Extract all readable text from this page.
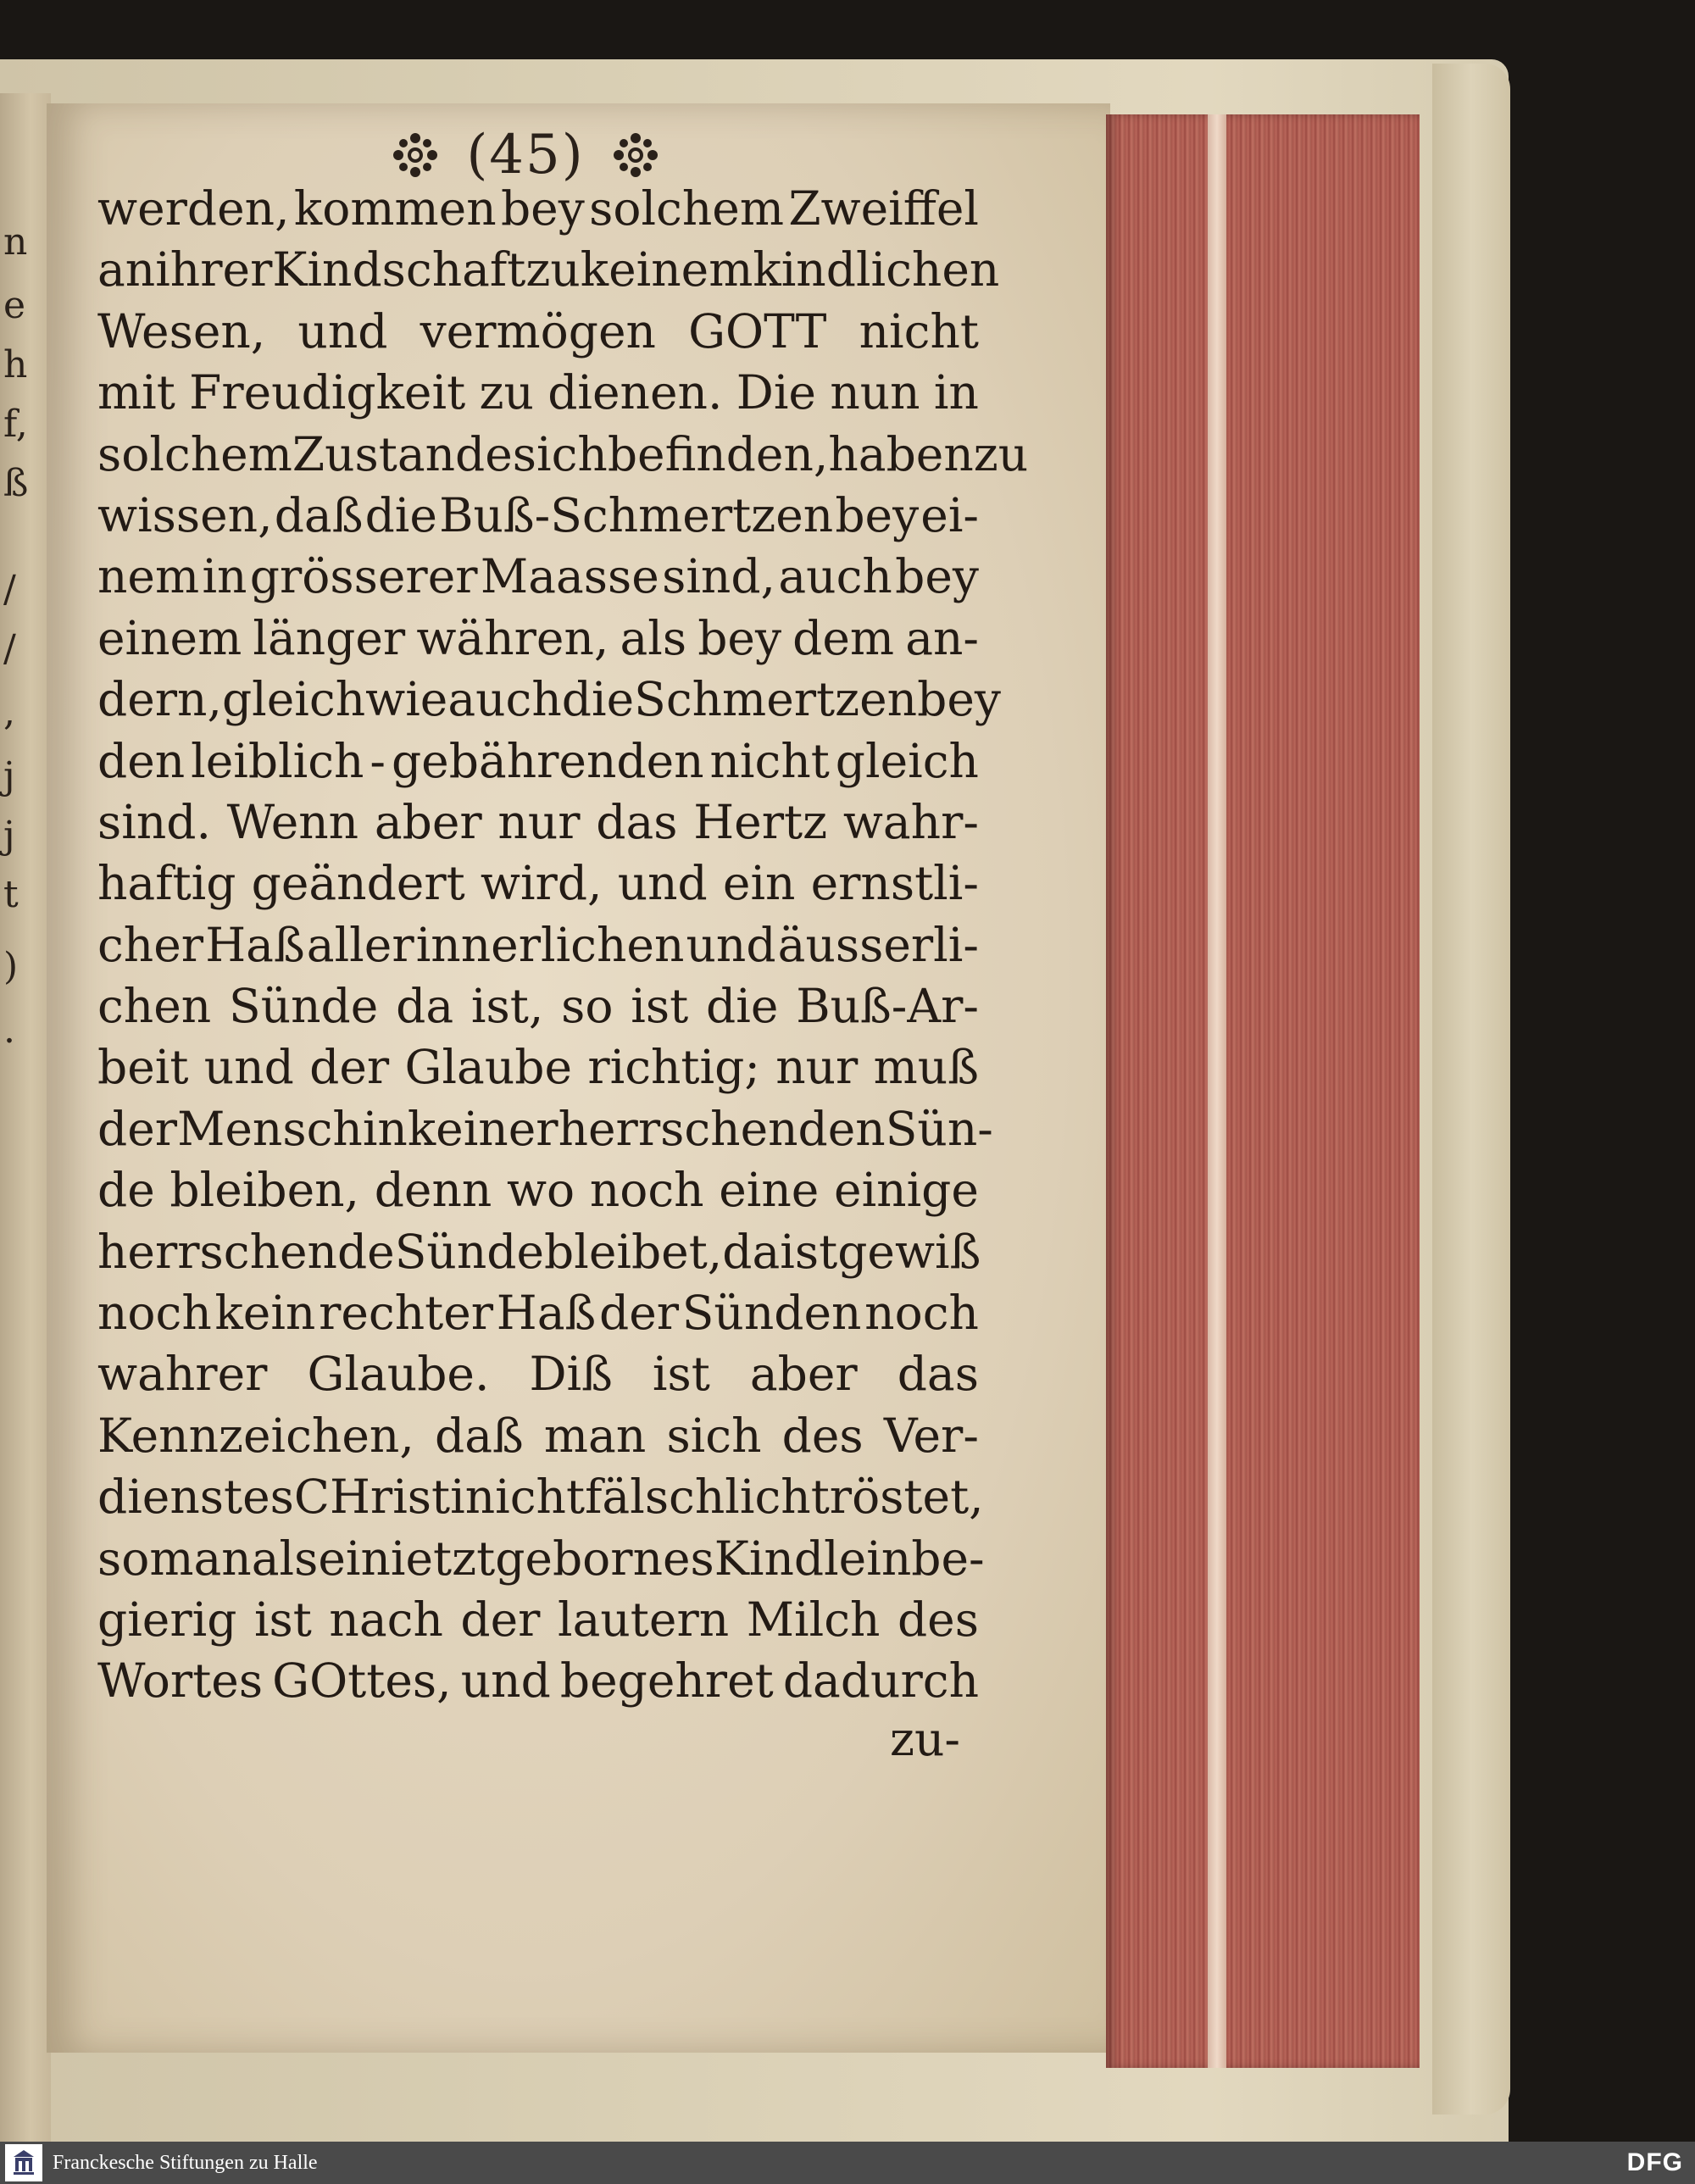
n
e
h
f,
ß
/
/
,
j
j
t
)
.
(45)
werden, kommen bey solchem Zweiffel
an ihrer Kindschaft zu keinem kindlichen
Wesen, und vermögen GOTT nicht
mit Freudigkeit zu dienen. Die nun in
solchem Zustande sich befinden, haben zu
wissen, daß die Buß-Schmertzen bey ei-
nem in grösserer Maasse sind, auch bey
einem länger währen, als bey dem an-
dern, gleichwie auch die Schmertzen bey
den leiblich - gebährenden nicht gleich
sind. Wenn aber nur das Hertz wahr-
haftig geändert wird, und ein ernstli-
cher Haß aller innerlichen und äusserli-
chen Sünde da ist, so ist die Buß-Ar-
beit und der Glaube richtig; nur muß
der Mensch in keiner herrschenden Sün-
de bleiben, denn wo noch eine einige
herrschende Sünde bleibet, da ist gewiß
noch kein rechter Haß der Sünden noch
wahrer Glaube. Diß ist aber das
Kennzeichen, daß man sich des Ver-
dienstes CHristi nicht fälschlich tröstet,
so man als ein ietztgebornes Kindlein be-
gierig ist nach der lautern Milch des
Wortes GOttes, und begehret dadurch
zu-
Franckesche Stiftungen zu Halle	DFG
